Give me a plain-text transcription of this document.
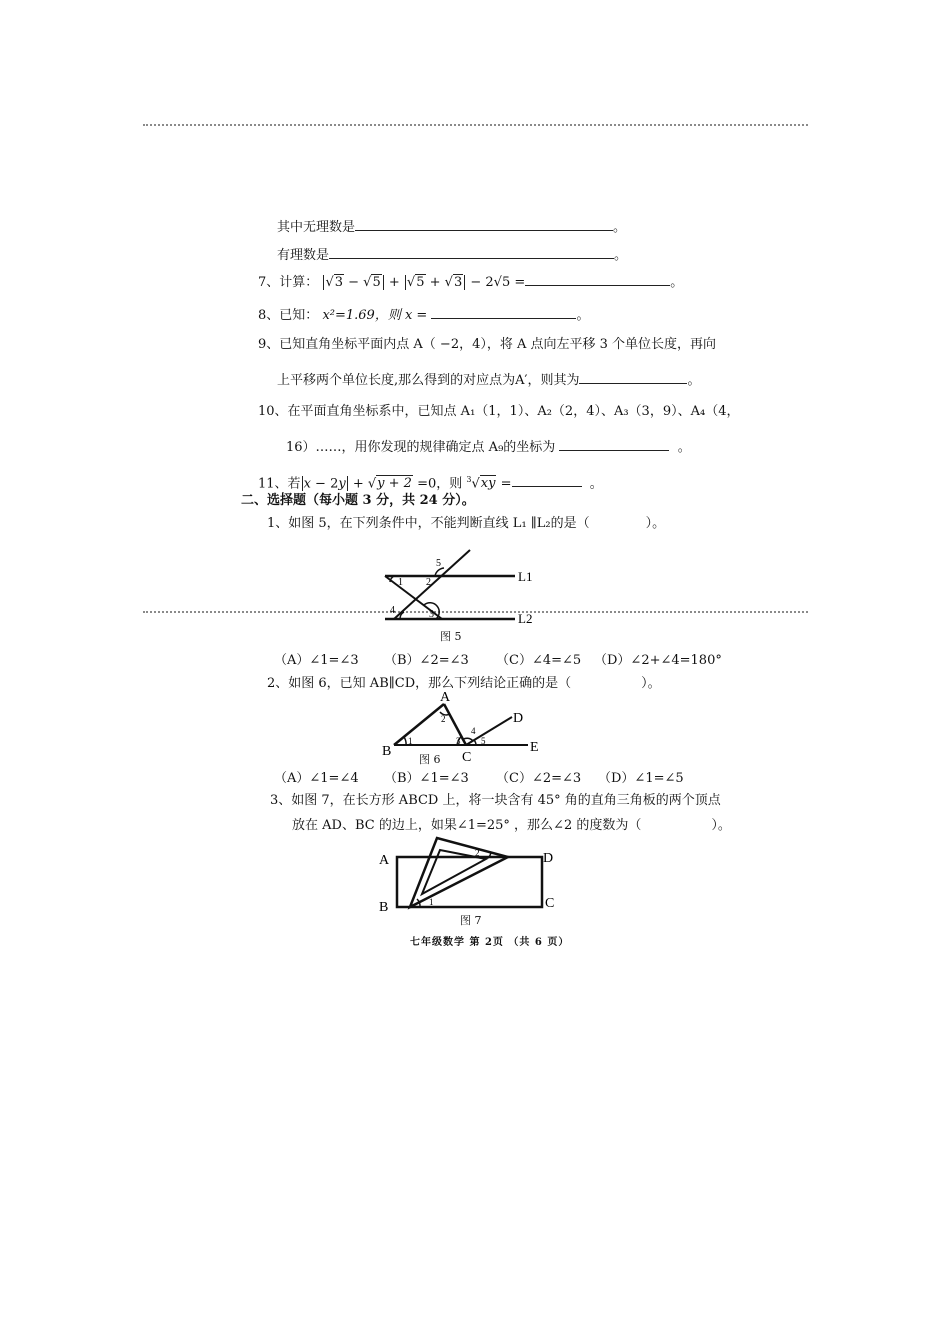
其中无理数是	。
有理数是	。
7、计算： √3 − √5 + √5 + √3 − 2√5 =	。
8、已知： x²=1.69，则 x =	。
9、已知直角坐标平面内点 A（ −2，4），将 A 点向左平移 3 个单位长度，再向
上平移两个单位长度,那么得到的对应点为A′，则其为	。
10、在平面直角坐标系中，已知点 A₁（1，1）、A₂（2，4）、A₃（3，9）、A₄（4，
16）……，用你发现的规律确定点 A₉的坐标为	。
11、若 x − 2y + √y + 2 =0，则 $^3$√xy =	。
二、选择题（每小题 3 分，共 24 分）。
1、如图 5，在下列条件中，不能判断直线 L₁ ∥L₂的是（	）。
5
2
1
4	3
L1
L2
图 5
（A）∠1=∠3 （B）∠2=∠3 （C）∠4=∠5 （D）∠2+∠4=180°
2、如图 6，已知 AB∥CD，那么下列结论正确的是（	）。
A
B	C
D
E
1
2
3
4
5
图 6
（A）∠1=∠4 （B）∠1=∠3 （C）∠2=∠3 （D）∠1=∠5
3、如图 7，在长方形 ABCD 上，将一块含有 45° 角的直角三角板的两个顶点
放在 AD、BC 的边上，如果∠1=25° ，那么∠2 的度数为（	）。
A
B	C
D
1
2
图 7
七年级数学 第 2页 （共 6 页）
